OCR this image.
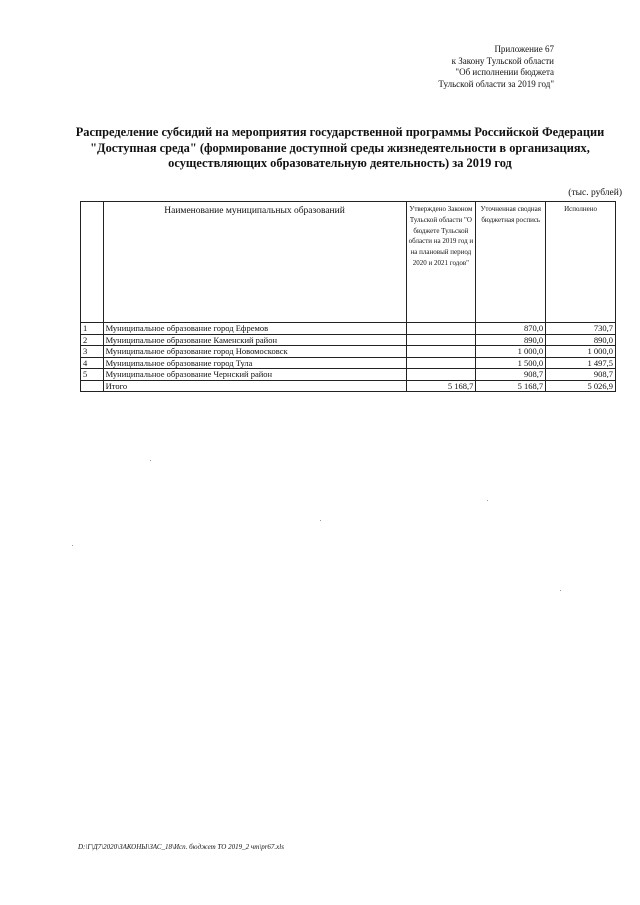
Приложение 67
к Закону Тульской области
"Об исполнении бюджета
Тульской области за 2019 год"
Распределение субсидий на мероприятия государственной программы Российской Федерации
"Доступная среда" (формирование доступной среды жизнедеятельности в организациях,
осуществляющих образовательную деятельность) за 2019 год
(тыс. рублей)
	Наименование муниципальных образований	Утверждено Законом Тульской области "О бюджете Тульской области на 2019 год и на плановый период 2020 и 2021 годов"	Уточненная сводная бюджетная роспись	Исполнено
1	Муниципальное образование город Ефремов		870,0	730,7
2	Муниципальное образование Каменский район		890,0	890,0
3	Муниципальное образование город Новомосковск		1 000,0	1 000,0
4	Муниципальное образование город Тула		1 500,0	1 497,5
5	Муниципальное образование Чернский район		908,7	908,7
	Итого	5 168,7	5 168,7	5 026,9
D:\Г\Д7\2020\ЗАКОНЫ\ЗАС_18\Исп. бюджет ТО 2019_2 чт\pr67.xls
